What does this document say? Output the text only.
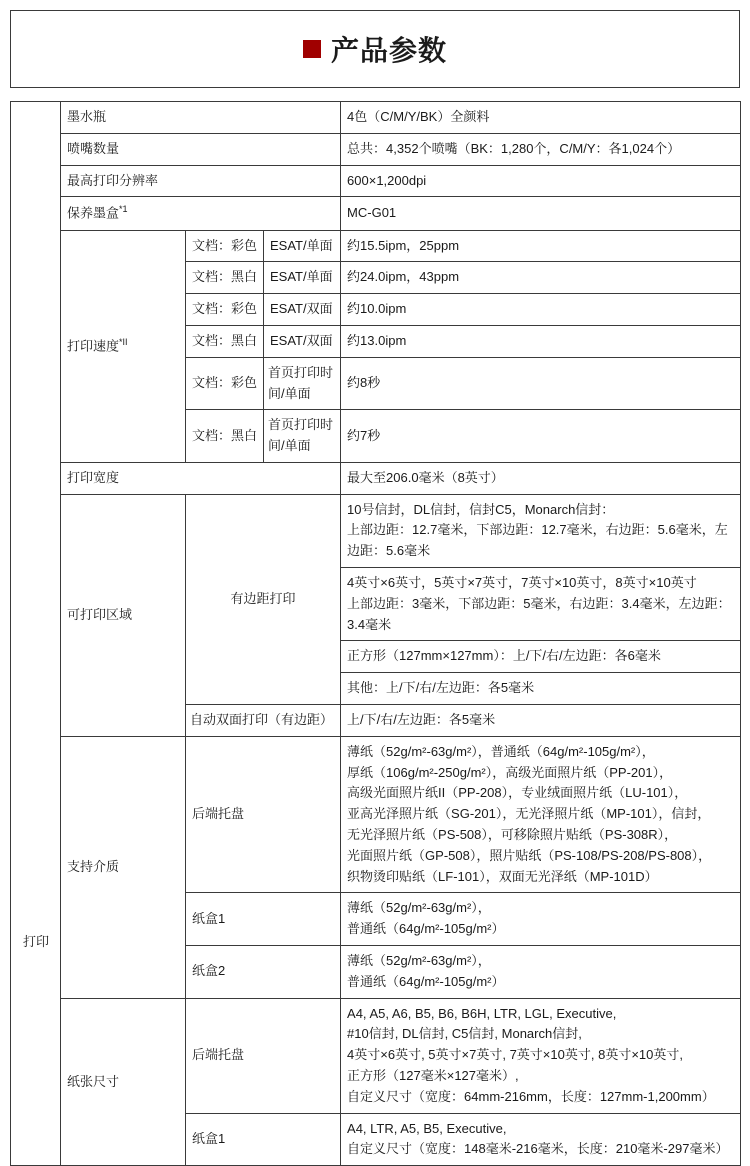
产品参数
打印	墨水瓶			4色（C/M/Y/BK）全颜料
	喷嘴数量			总共：4,352个喷嘴（BK：1,280个，C/M/Y：各1,024个）
	最高打印分辨率			600×1,200dpi
	保养墨盒$^{*1}$			MC-G01
	打印速度$^{*II}$	文档：彩色	ESAT/单面	约15.5ipm，25ppm
		文档：黑白	ESAT/单面	约24.0ipm，43ppm
		文档：彩色	ESAT/双面	约10.0ipm
		文档：黑白	ESAT/双面	约13.0ipm
		文档：彩色	首页打印时间/单面	约8秒
		文档：黑白	首页打印时间/单面	约7秒
	打印宽度			最大至206.0毫米（8英寸）
	可打印区域	有边距打印		10号信封，DL信封，信封C5，Monarch信封：
上部边距：12.7毫米，下部边距：12.7毫米，右边距：5.6毫米，左边距：5.6毫米
				4英寸×6英寸，5英寸×7英寸，7英寸×10英寸，8英寸×10英寸
上部边距：3毫米，下部边距：5毫米，右边距：3.4毫米，左边距：3.4毫米
				正方形（127mm×127mm）：上/下/右/左边距：各6毫米
				其他：上/下/右/左边距：各5毫米
		自动双面打印（有边距）		上/下/右/左边距：各5毫米
支持介质	后端托盘	薄纸（52g/m²-63g/m²），普通纸（64g/m²-105g/m²），
厚纸（106g/m²-250g/m²），高级光面照片纸（PP-201），
高级光面照片纸II（PP-208），专业绒面照片纸（LU-101），
亚高光泽照片纸（SG-201），无光泽照片纸（MP-101），信封，
无光泽照片纸（PS-508），可移除照片贴纸（PS-308R），
光面照片纸（GP-508），照片贴纸（PS-108/PS-208/PS-808），
织物烫印贴纸（LF-101），双面无光泽纸（MP-101D）
		纸盒1		薄纸（52g/m²-63g/m²），
普通纸（64g/m²-105g/m²）
		纸盒2		薄纸（52g/m²-63g/m²），
普通纸（64g/m²-105g/m²）
	纸张尺寸	后端托盘		A4, A5, A6, B5, B6, B6H, LTR, LGL, Executive,
#10信封, DL信封, C5信封, Monarch信封,
4英寸×6英寸, 5英寸×7英寸, 7英寸×10英寸, 8英寸×10英寸,
正方形（127毫米×127毫米）,
自定义尺寸（宽度：64mm-216mm，长度：127mm-1,200mm）
		纸盒1		A4, LTR, A5, B5, Executive,
自定义尺寸（宽度：148毫米-216毫米，长度：210毫米-297毫米）
